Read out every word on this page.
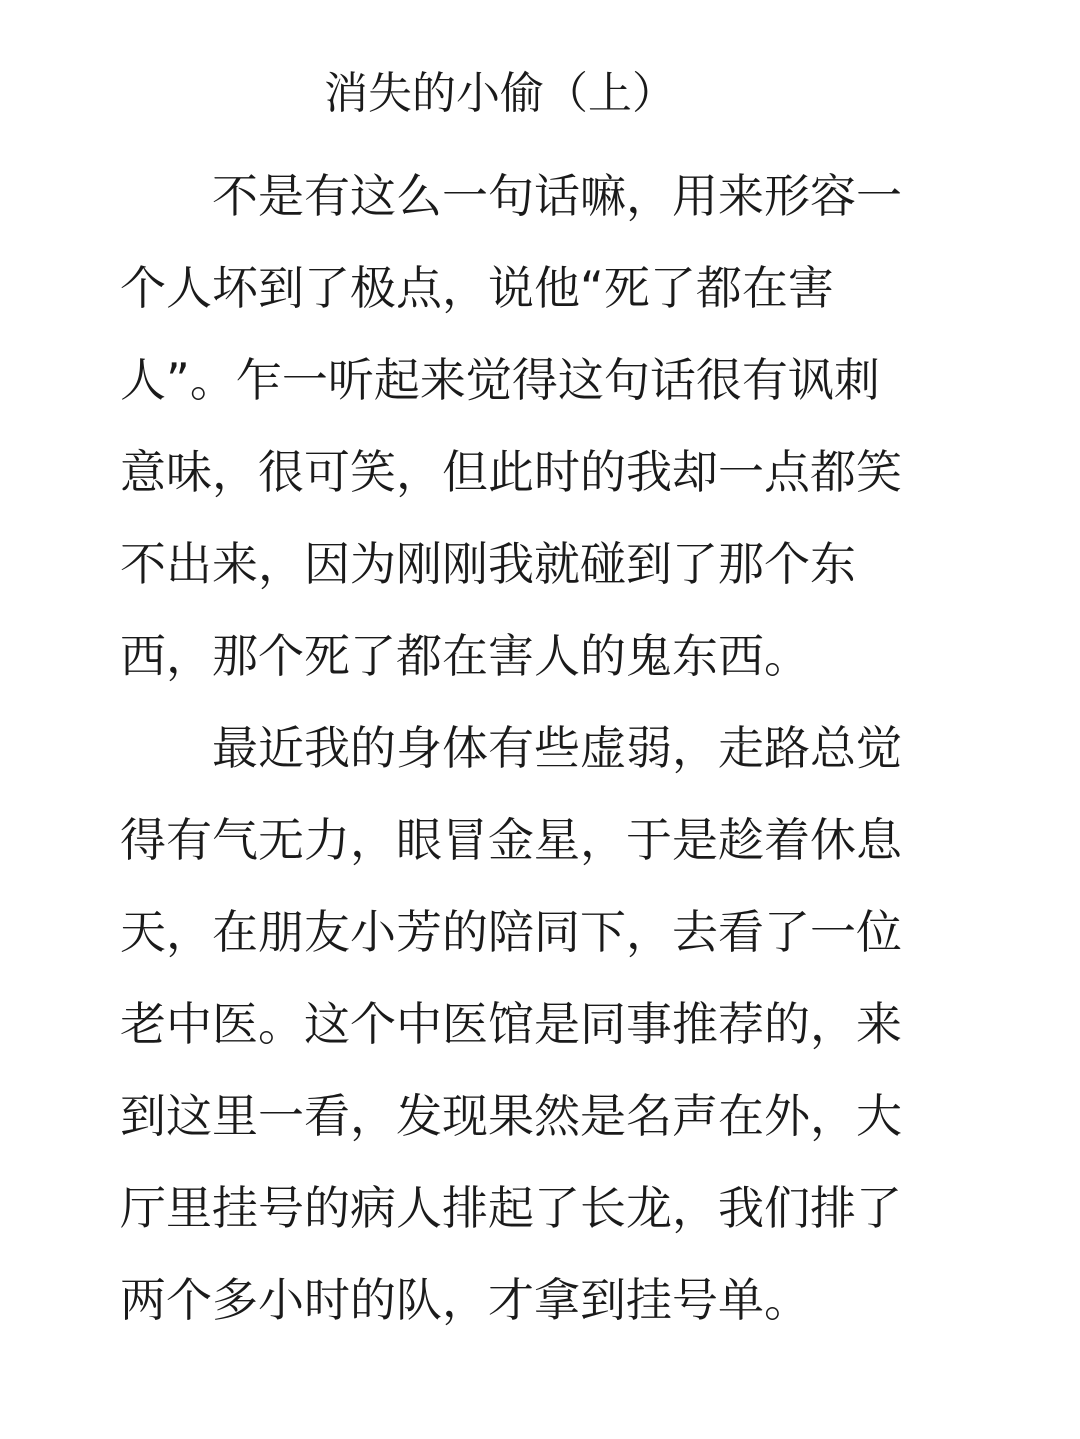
消失的小偷（上）
不是有这么一句话嘛，用来形容一
个人坏到了极点，说他“死了都在害
人”。乍一听起来觉得这句话很有讽刺
意味，很可笑，但此时的我却一点都笑
不出来，因为刚刚我就碰到了那个东
西，那个死了都在害人的鬼东西。
最近我的身体有些虚弱，走路总觉
得有气无力，眼冒金星，于是趁着休息
天，在朋友小芳的陪同下，去看了一位
老中医。这个中医馆是同事推荐的，来
到这里一看，发现果然是名声在外，大
厅里挂号的病人排起了长龙，我们排了
两个多小时的队，才拿到挂号单。
